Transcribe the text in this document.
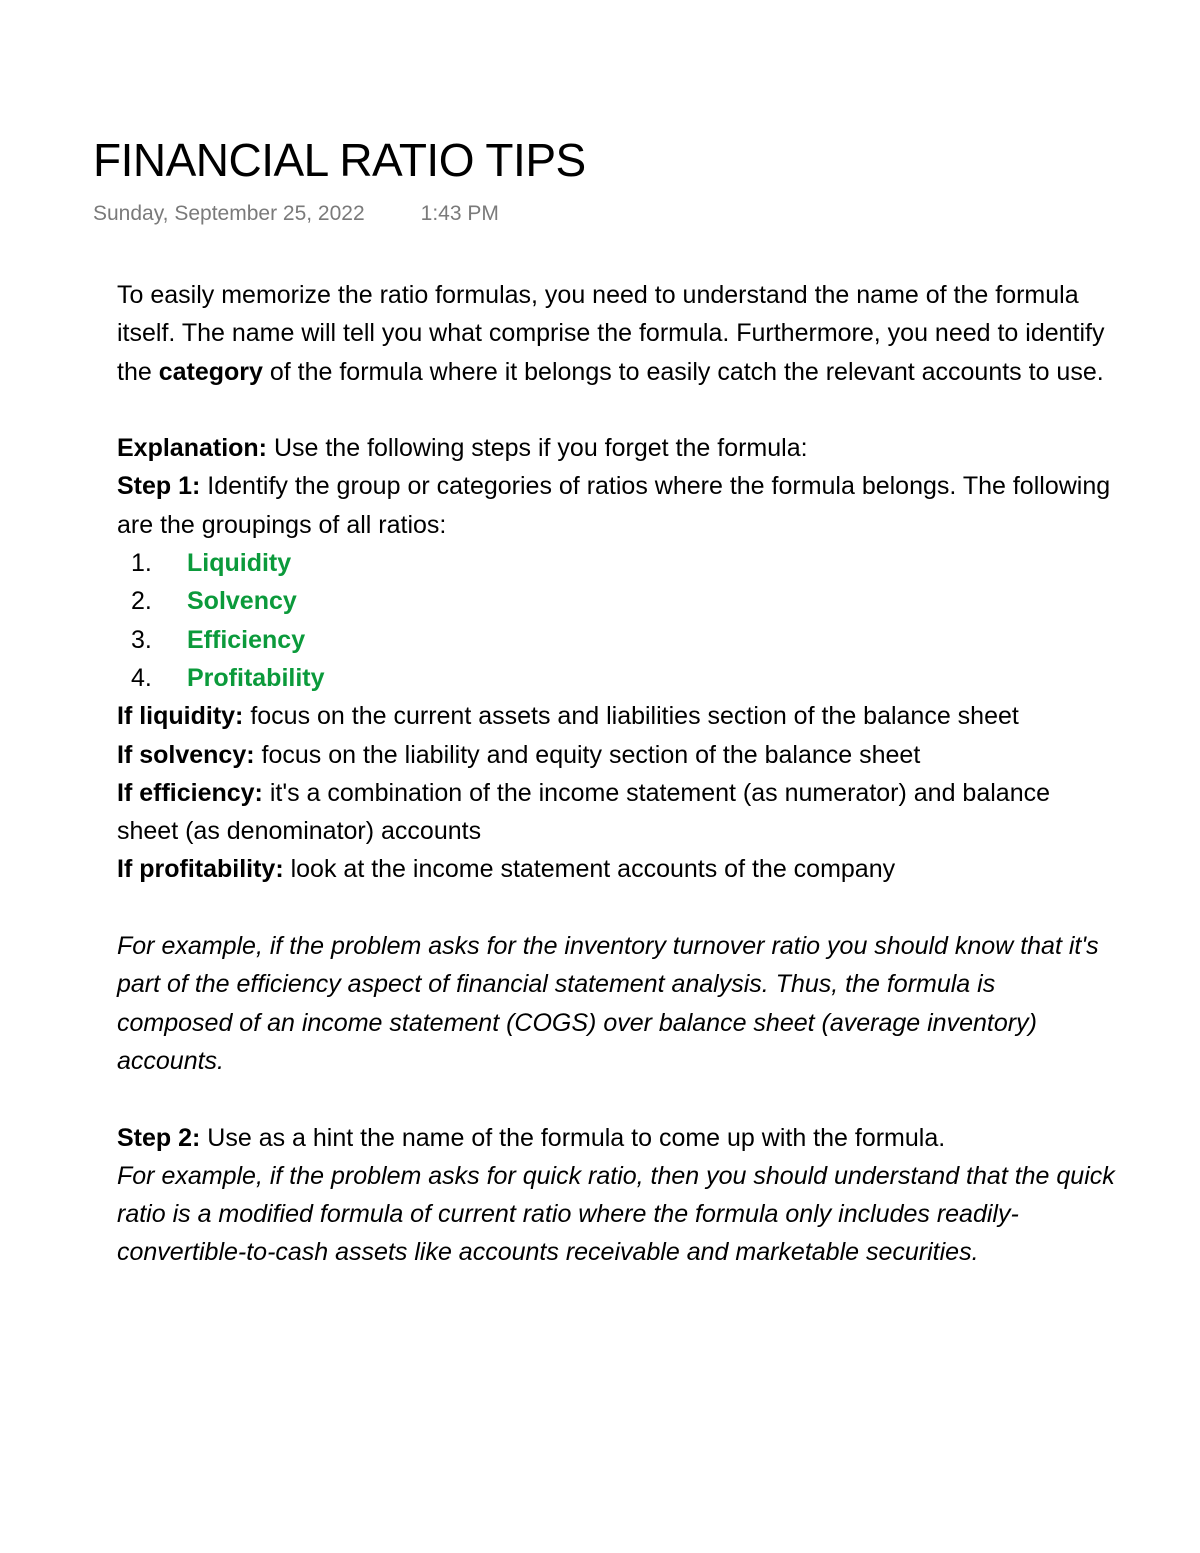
FINANCIAL RATIO TIPS
Sunday, September 25, 2022	1:43 PM

To easily memorize the ratio formulas, you need to understand the name of the formula itself. The name will tell you what comprise the formula. Furthermore, you need to identify the category of the formula where it belongs to easily catch the relevant accounts to use.

Explanation: Use the following steps if you forget the formula:

Step 1: Identify the group or categories of ratios where the formula belongs. The following are the groupings of all ratios:

1.	Liquidity
2.	Solvency
3.	Efficiency
4.	Profitability

If liquidity: focus on the current assets and liabilities section of the balance sheet

If solvency: focus on the liability and equity section of the balance sheet

If efficiency: it's a combination of the income statement (as numerator) and balance sheet (as denominator) accounts

If profitability: look at the income statement accounts of the company

For example, if the problem asks for the inventory turnover ratio you should know that it's part of the efficiency aspect of financial statement analysis. Thus, the formula is composed of an income statement (COGS) over balance sheet (average inventory) accounts.

Step 2: Use as a hint the name of the formula to come up with the formula.

For example, if the problem asks for quick ratio, then you should understand that the quick ratio is a modified formula of current ratio where the formula only includes readily-convertible-to-cash assets like accounts receivable and marketable securities.
